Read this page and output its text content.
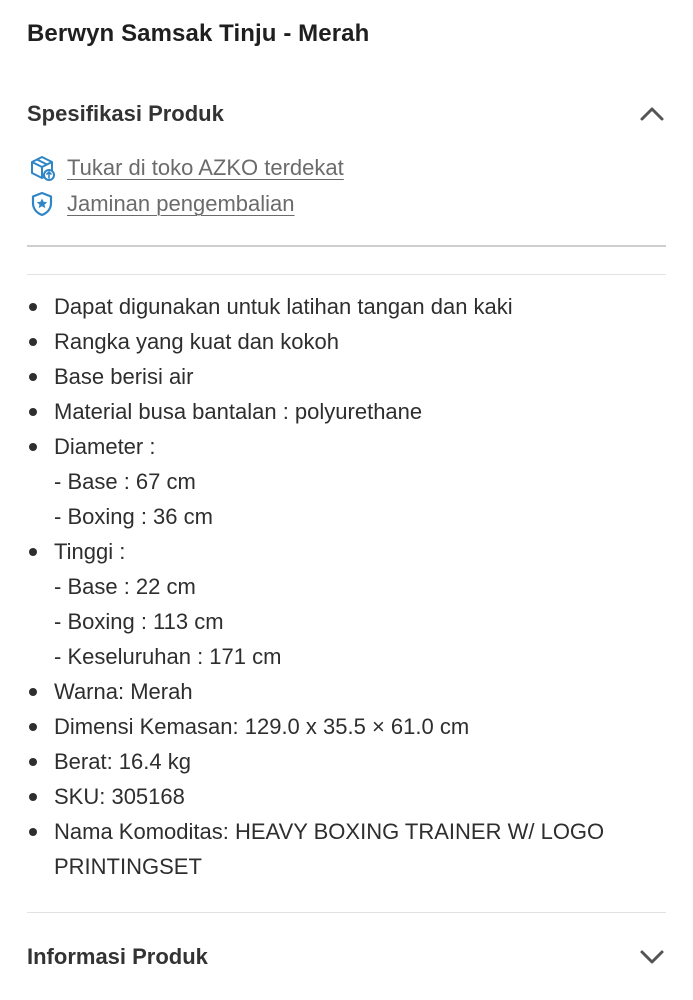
Berwyn Samsak Tinju - Merah
Spesifikasi Produk
Tukar di toko AZKO terdekat
Jaminan pengembalian
Dapat digunakan untuk latihan tangan dan kaki
Rangka yang kuat dan kokoh
Base berisi air
Material busa bantalan : polyurethane
Diameter :
- Base : 67 cm
- Boxing : 36 cm
Tinggi :
- Base : 22 cm
- Boxing : 113 cm
- Keseluruhan : 171 cm
Warna: Merah
Dimensi Kemasan: 129.0 x 35.5 × 61.0 cm
Berat: 16.4 kg
SKU: 305168
Nama Komoditas: HEAVY BOXING TRAINER W/ LOGO PRINTINGSET
Informasi Produk
